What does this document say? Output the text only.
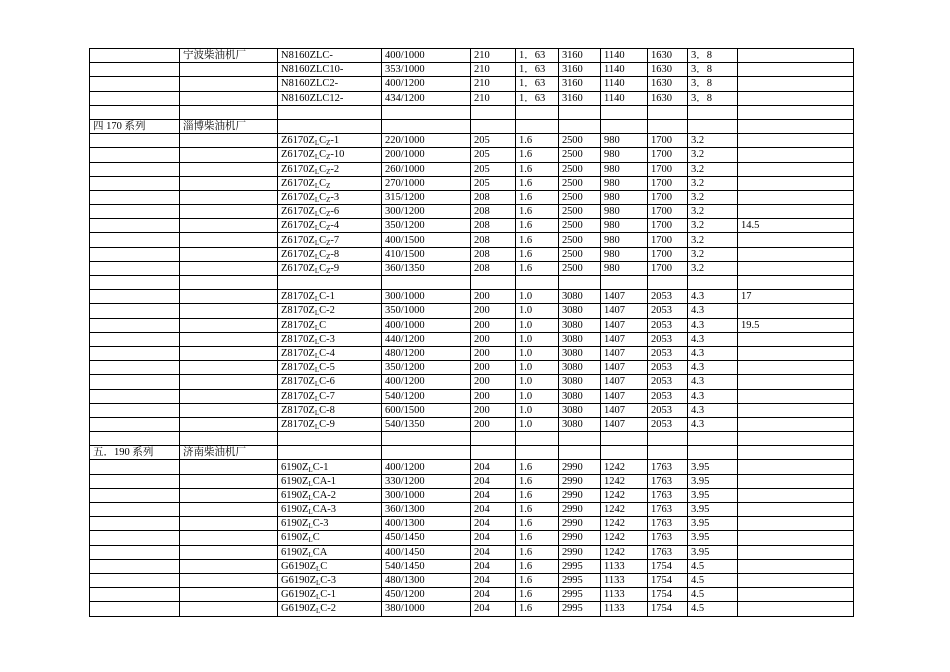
	宁波柴油机厂	N8160ZLC-	400/1000	210	1．63	3160	1140	1630	3．8	
		N8160ZLC10-	353/1000	210	1．63	3160	1140	1630	3．8	
		N8160ZLC2-	400/1200	210	1．63	3160	1140	1630	3．8	
		N8160ZLC12-	434/1200	210	1．63	3160	1140	1630	3．8	

四 170 系列	淄博柴油机厂									
		$Z6170Z_LC_Z-1$	220/1000	205	1.6	2500	980	1700	3.2	
		$Z6170Z_LC_Z-10$	200/1000	205	1.6	2500	980	1700	3.2	
		$Z6170Z_LC_Z-2$	260/1000	205	1.6	2500	980	1700	3.2	
		$Z6170Z_LC_Z$	270/1000	205	1.6	2500	980	1700	3.2	
		$Z6170Z_LC_Z-3$	315/1200	208	1.6	2500	980	1700	3.2	
		$Z6170Z_LC_Z-6$	300/1200	208	1.6	2500	980	1700	3.2	
		$Z6170Z_LC_Z-4$	350/1200	208	1.6	2500	980	1700	3.2	14.5
		$Z6170Z_LC_Z-7$	400/1500	208	1.6	2500	980	1700	3.2	
		$Z6170Z_LC_Z-8$	410/1500	208	1.6	2500	980	1700	3.2	
		$Z6170Z_LC_Z-9$	360/1350	208	1.6	2500	980	1700	3.2	

		$Z8170Z_LC-1$	300/1000	200	1.0	3080	1407	2053	4.3	17
		$Z8170Z_LC-2$	350/1000	200	1.0	3080	1407	2053	4.3	
		$Z8170Z_LC$	400/1000	200	1.0	3080	1407	2053	4.3	19.5
		$Z8170Z_LC-3$	440/1200	200	1.0	3080	1407	2053	4.3	
		$Z8170Z_LC-4$	480/1200	200	1.0	3080	1407	2053	4.3	
		$Z8170Z_LC-5$	350/1200	200	1.0	3080	1407	2053	4.3	
		$Z8170Z_LC-6$	400/1200	200	1.0	3080	1407	2053	4.3	
		$Z8170Z_LC-7$	540/1200	200	1.0	3080	1407	2053	4.3	
		$Z8170Z_LC-8$	600/1500	200	1.0	3080	1407	2053	4.3	
		$Z8170Z_LC-9$	540/1350	200	1.0	3080	1407	2053	4.3	

五．190 系列	济南柴油机厂									
		$6190Z_LC-1$	400/1200	204	1.6	2990	1242	1763	3.95	
		$6190Z_LCA-1$	330/1200	204	1.6	2990	1242	1763	3.95	
		$6190Z_LCA-2$	300/1000	204	1.6	2990	1242	1763	3.95	
		$6190Z_LCA-3$	360/1300	204	1.6	2990	1242	1763	3.95	
		$6190Z_LC-3$	400/1300	204	1.6	2990	1242	1763	3.95	
		$6190Z_LC$	450/1450	204	1.6	2990	1242	1763	3.95	
		$6190Z_LCA$	400/1450	204	1.6	2990	1242	1763	3.95	
		$G6190Z_LC$	540/1450	204	1.6	2995	1133	1754	4.5	
		$G6190Z_LC-3$	480/1300	204	1.6	2995	1133	1754	4.5	
		$G6190Z_LC-1$	450/1200	204	1.6	2995	1133	1754	4.5	
		$G6190Z_LC-2$	380/1000	204	1.6	2995	1133	1754	4.5	
